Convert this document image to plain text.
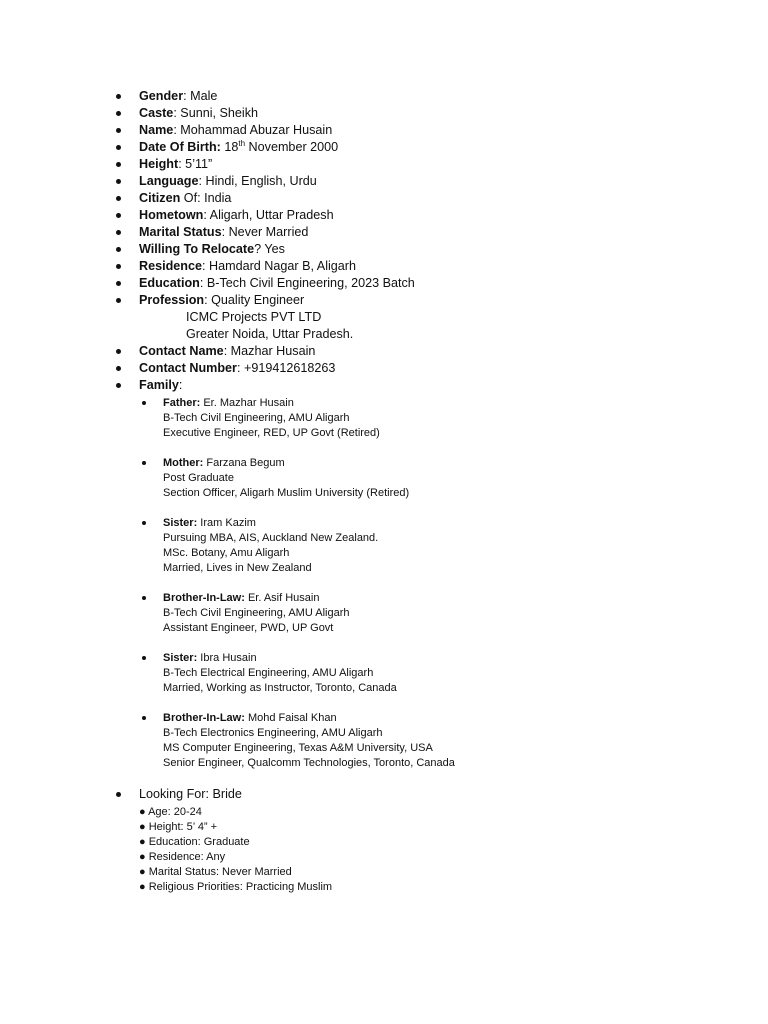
Gender: Male
Caste: Sunni, Sheikh
Name: Mohammad Abuzar Husain
Date Of Birth: 18th November 2000
Height: 5’11”
Language: Hindi, English, Urdu
Citizen Of: India
Hometown: Aligarh, Uttar Pradesh
Marital Status: Never Married
Willing To Relocate? Yes
Residence: Hamdard Nagar B, Aligarh
Education: B-Tech Civil Engineering, 2023 Batch
Profession: Quality Engineer
ICMC Projects PVT LTD
Greater Noida, Uttar Pradesh.
Contact Name: Mazhar Husain
Contact Number: +919412618263
Family:
Father: Er. Mazhar Husain
B-Tech Civil Engineering, AMU Aligarh
Executive Engineer, RED, UP Govt (Retired)
Mother: Farzana Begum
Post Graduate
Section Officer, Aligarh Muslim University (Retired)
Sister: Iram Kazim
Pursuing MBA, AIS, Auckland New Zealand.
MSc. Botany, Amu Aligarh
Married, Lives in New Zealand
Brother-In-Law: Er. Asif Husain
B-Tech Civil Engineering, AMU Aligarh
Assistant Engineer, PWD, UP Govt
Sister: Ibra Husain
B-Tech Electrical Engineering, AMU Aligarh
Married, Working as Instructor, Toronto, Canada
Brother-In-Law: Mohd Faisal Khan
B-Tech Electronics Engineering, AMU Aligarh
MS Computer Engineering, Texas A&M University, USA
Senior Engineer, Qualcomm Technologies, Toronto, Canada
Looking For: Bride
● Age: 20-24
● Height: 5’ 4” +
● Education: Graduate
● Residence: Any
● Marital Status: Never Married
● Religious Priorities: Practicing Muslim
